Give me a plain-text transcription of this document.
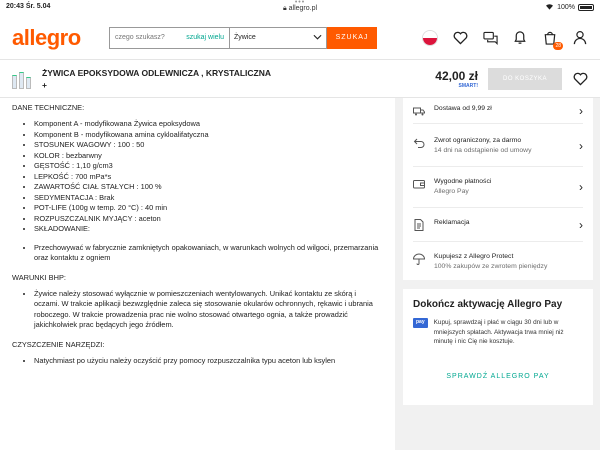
20:43 Śr. 5.04
•••
🔒︎ allegro.pl	100%
allegro	czego szukasz?	szukaj wielu Żywice	SZUKAJ
28
ŻYWICA EPOKSYDOWA ODLEWNICZA , KRYSTALICZNA
+
42,00 zł
SMART!
DO KOSZYKA

DANE TECHNICZNE:

• Komponent A - modyfikowana Żywica epoksydowa
• Komponent B - modyfikowana amina cykloalifatyczna
• STOSUNEK WAGOWY : 100 : 50
• KOLOR : bezbarwny
• GĘSTOŚĆ : 1,10 g/cm3
• LEPKOŚĆ : 700 mPa*s
• ZAWARTOŚĆ CIAŁ STAŁYCH : 100 %
• SEDYMENTACJA : Brak
• POT-LIFE (100g w temp. 20 °C) : 40 min
• ROZPUSZCZALNIK MYJĄCY : aceton
• SKŁADOWANIE:
• Przechowywać w fabrycznie zamkniętych opakowaniach, w warunkach wolnych od wilgoci, przemarzania oraz kontaktu z ogniem

WARUNKI BHP:

• Żywice należy stosować wyłącznie w pomieszczeniach wentylowanych. Unikać kontaktu ze skórą i oczami. W trakcie aplikacji bezwzględnie zaleca się stosowanie okularów ochronnych, rękawic i ubrania roboczego. W trakcie prowadzenia prac nie wolno stosować otwartego ognia, a także prowadzić jakichkolwiek prac będących jego źródłem.

CZYSZCZENIE NARZĘDZI:

• Natychmiast po użyciu należy oczyścić przy pomocy rozpuszczalnika typu aceton lub ksylen
Dostawa od 9,99 zł	›
Zwrot ograniczony, za darmo
14 dni na odstąpienie od umowy	›
Wygodne płatności
Allegro Pay	›
Reklamacja	›
Kupujesz z Allegro Protect
100% zakupów ze zwrotem pieniędzy
Dokończ aktywację Allegro Pay
pay	Kupuj, sprawdzaj i płać w ciągu 30 dni lub w mniejszych spłatach. Aktywacja trwa mniej niż minutę i nic Cię nie kosztuje.
SPRAWDŹ ALLEGRO PAY
